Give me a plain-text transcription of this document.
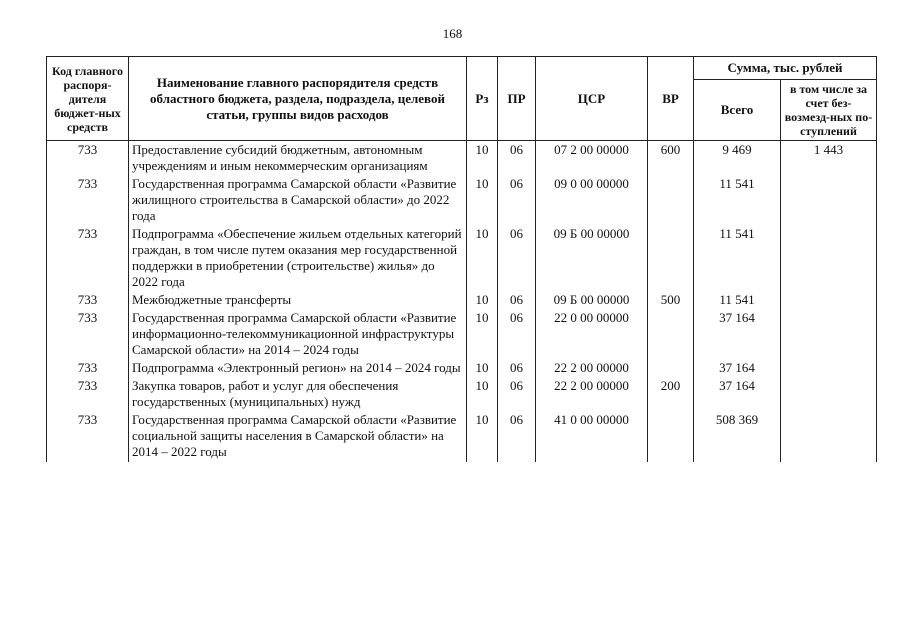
168
Код главного распоря-дителя бюджет-ных средств	Наименование главного распорядителя средств областного бюджета, раздела, подраздела, целевой статьи, группы видов расходов	Рз	ПР	ЦСР	ВР	Сумма, тыс. рублей	
						Всего	в том числе за счет без-возмезд-ных по-ступлений
733	Предоставление субсидий бюджетным, автономным учреждениям и иным некоммерческим организациям	10	06	07 2 00 00000	600	9 469	1 443
733	Государственная программа Самарской области «Развитие жилищного строительства в Самарской области» до 2022 года	10	06	09 0 00 00000		11 541	
733	Подпрограмма «Обеспечение жильем отдельных категорий граждан, в том числе путем оказания мер государственной поддержки в приобретении (строительстве) жилья» до 2022 года	10	06	09 Б 00 00000		11 541	
733	Межбюджетные трансферты	10	06	09 Б 00 00000	500	11 541	
733	Государственная программа Самарской области «Развитие информационно-телекоммуникационной инфраструктуры Самарской области» на 2014 – 2024 годы	10	06	22 0 00 00000		37 164	
733	Подпрограмма «Электронный регион» на 2014 – 2024 годы	10	06	22 2 00 00000		37 164	
733	Закупка товаров, работ и услуг для обеспечения государственных (муниципальных) нужд	10	06	22 2 00 00000	200	37 164	
733	Государственная программа Самарской области «Развитие социальной защиты населения в Самарской области» на 2014 – 2022 годы	10	06	41 0 00 00000		508 369	
